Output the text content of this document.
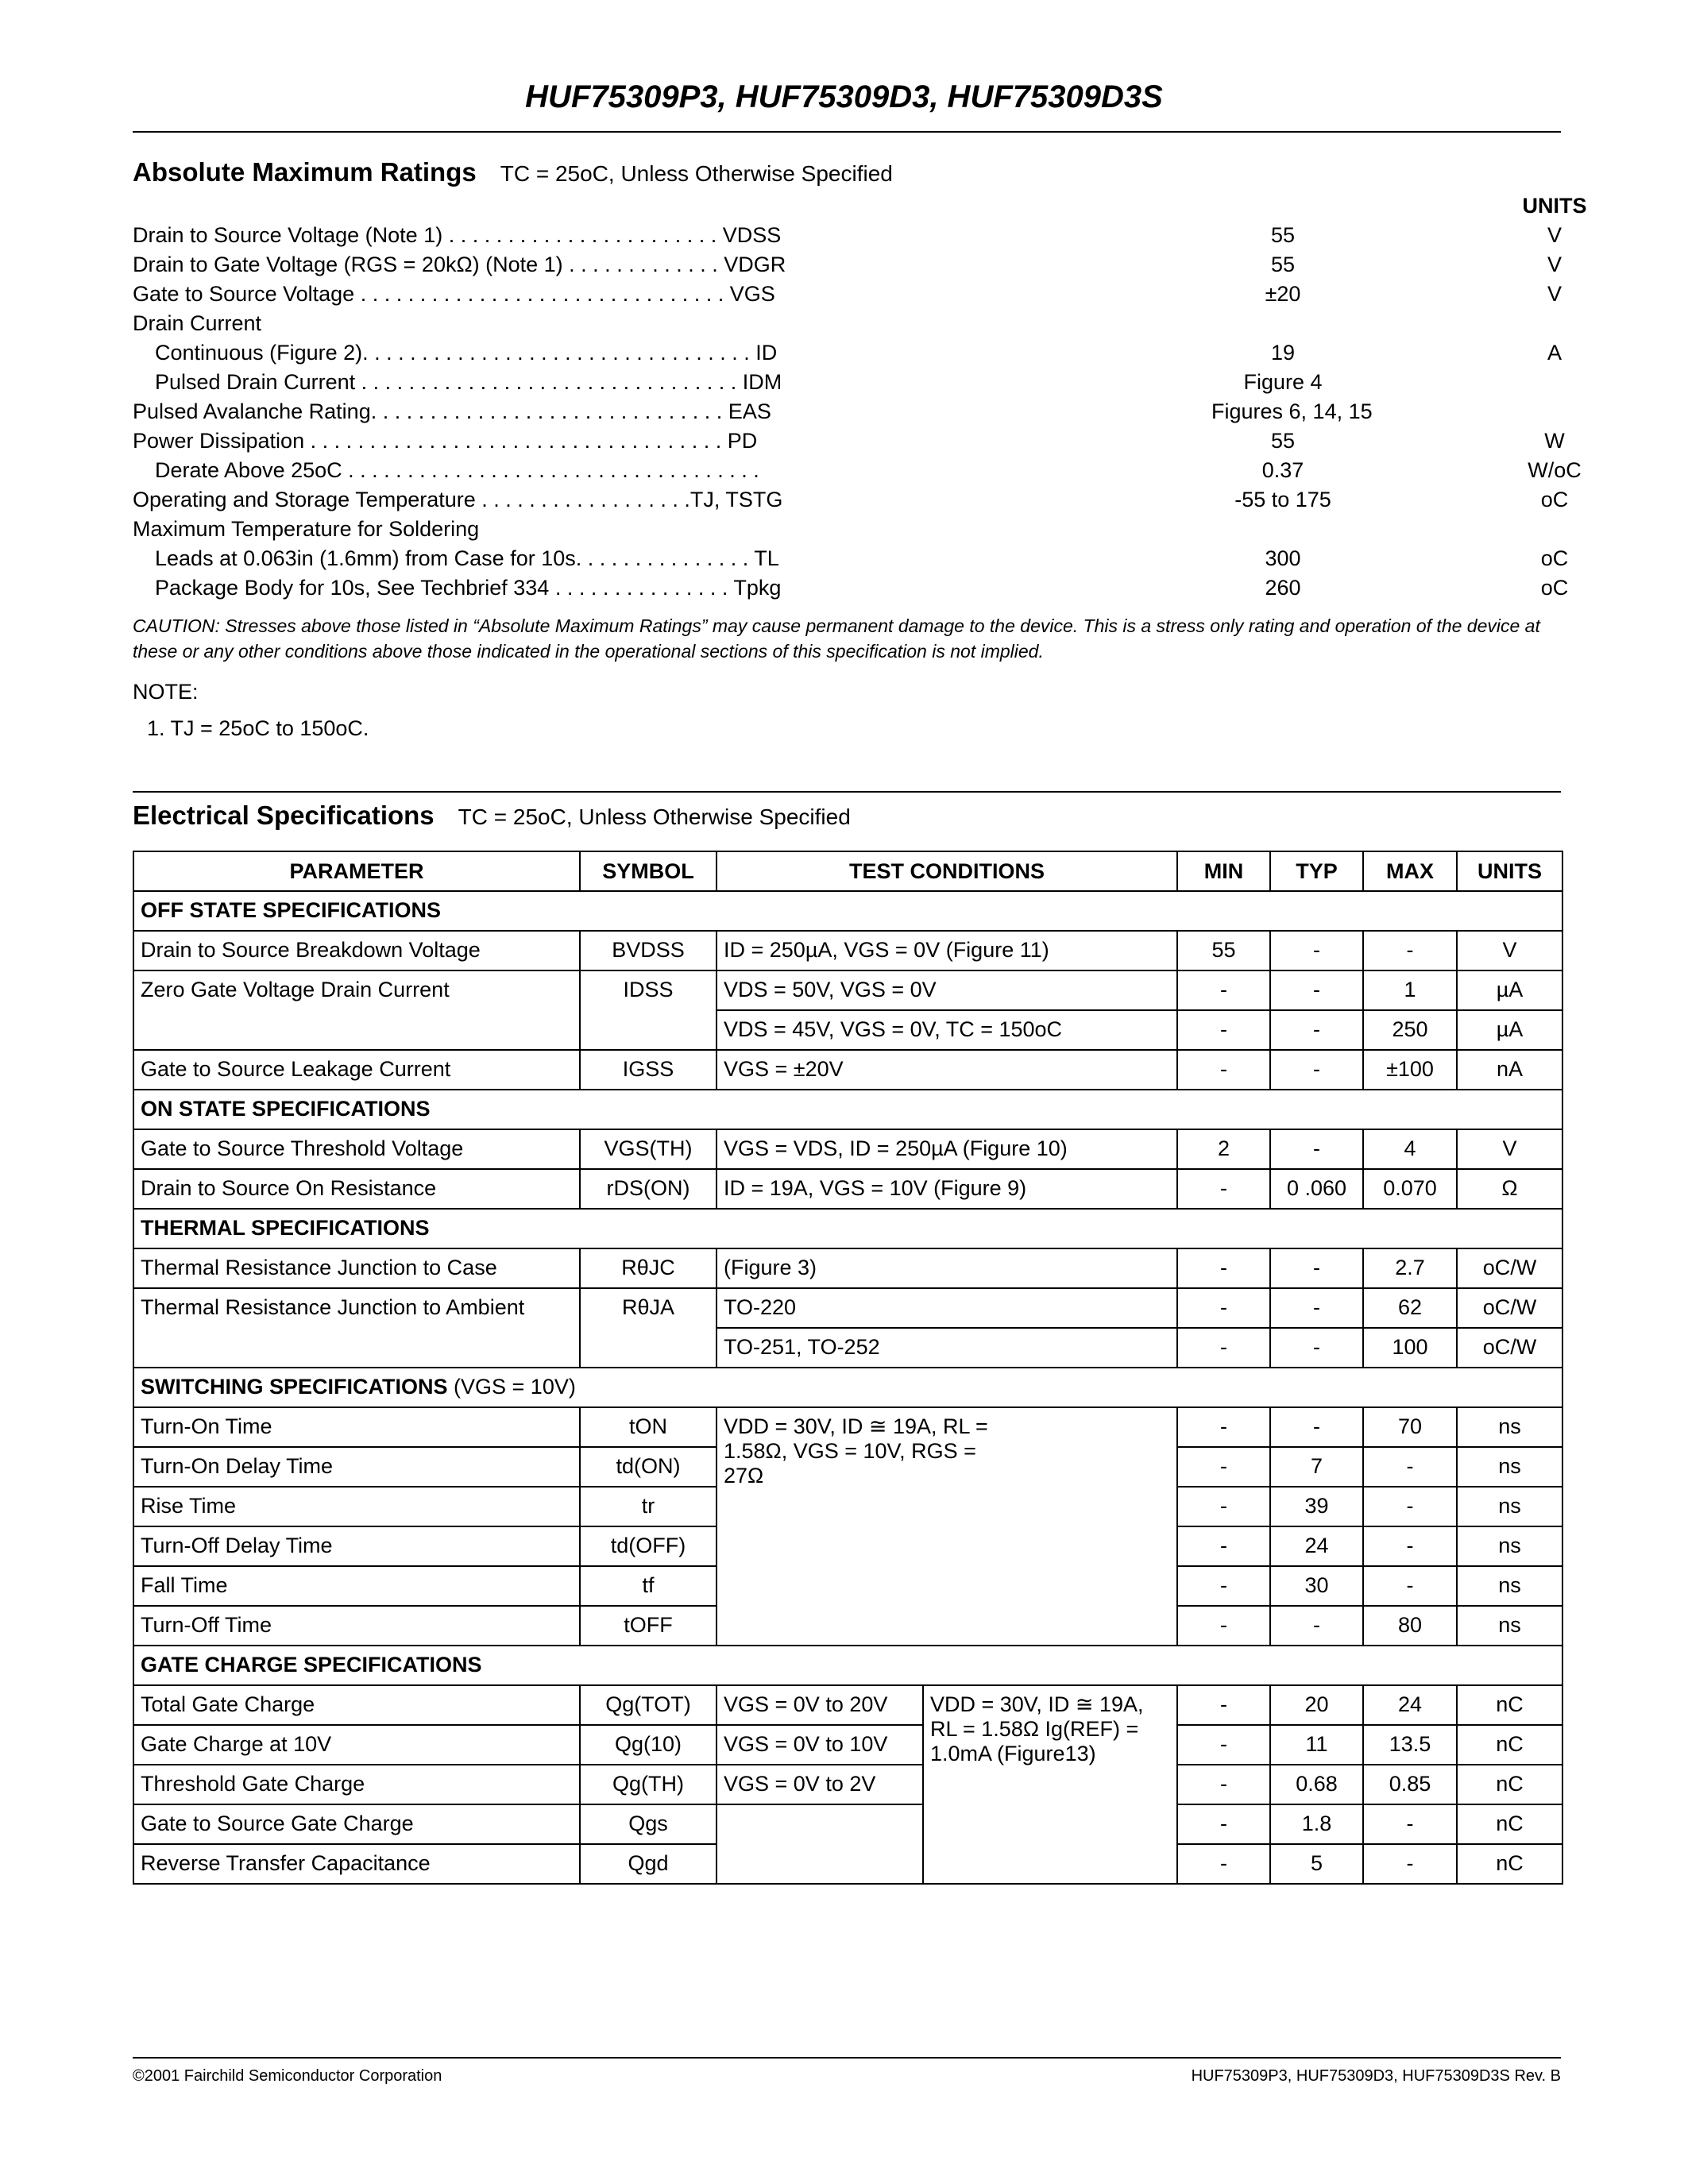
HUF75309P3, HUF75309D3, HUF75309D3S
Absolute Maximum Ratings TC = 25oC, Unless Otherwise Specified
UNITS
Drain to Source Voltage (Note 1) . . . . . . . . . . . . . . . . . . . . . . . VDSS	55	V
Drain to Gate Voltage (RGS = 20kΩ) (Note 1) . . . . . . . . . . . . . VDGR	55	V
Gate to Source Voltage . . . . . . . . . . . . . . . . . . . . . . . . . . . . . . . VGS	±20	V
Drain Current
Continuous (Figure 2). . . . . . . . . . . . . . . . . . . . . . . . . . . . . . . . . ID	19	A
Pulsed Drain Current . . . . . . . . . . . . . . . . . . . . . . . . . . . . . . . . IDM	Figure 4
Pulsed Avalanche Rating. . . . . . . . . . . . . . . . . . . . . . . . . . . . . . EAS	Figures 6, 14, 15
Power Dissipation . . . . . . . . . . . . . . . . . . . . . . . . . . . . . . . . . . . PD	55	W
Derate Above 25oC . . . . . . . . . . . . . . . . . . . . . . . . . . . . . . . . . . .	0.37	W/oC
Operating and Storage Temperature . . . . . . . . . . . . . . . . . .TJ, TSTG	-55 to 175	oC
Maximum Temperature for Soldering
Leads at 0.063in (1.6mm) from Case for 10s. . . . . . . . . . . . . . . TL	300	oC
Package Body for 10s, See Techbrief 334 . . . . . . . . . . . . . . . Tpkg	260	oC
CAUTION: Stresses above those listed in “Absolute Maximum Ratings” may cause permanent damage to the device. This is a stress only rating and operation of the device at these or any other conditions above those indicated in the operational sections of this specification is not implied.
NOTE:
1. TJ = 25oC to 150oC.
Electrical Specifications TC = 25oC, Unless Otherwise Specified
PARAMETER	SYMBOL	TEST CONDITIONS		MIN	TYP	MAX	UNITS
OFF STATE SPECIFICATIONS							
Drain to Source Breakdown Voltage	BVDSS	ID = 250µA, VGS = 0V (Figure 11)		55	-	-	V
Zero Gate Voltage Drain Current	IDSS	VDS = 50V, VGS = 0V		-	-	1	µA
		VDS = 45V, VGS = 0V, TC = 150oC		-	-	250	µA
Gate to Source Leakage Current	IGSS	VGS = ±20V		-	-	±100	nA
ON STATE SPECIFICATIONS							
Gate to Source Threshold Voltage	VGS(TH)	VGS = VDS, ID = 250µA (Figure 10)		2	-	4	V
Drain to Source On Resistance	rDS(ON)	ID = 19A, VGS = 10V (Figure 9)		-	0 .060	0.070	Ω
THERMAL SPECIFICATIONS							
Thermal Resistance Junction to Case	RθJC	(Figure 3)		-	-	2.7	oC/W
Thermal Resistance Junction to Ambient	RθJA	TO-220		-	-	62	oC/W
		TO-251, TO-252		-	-	100	oC/W
SWITCHING SPECIFICATIONS (VGS = 10V)							
Turn-On Time	tON	VDD = 30V, ID ≅ 19A, RL = 1.58Ω, VGS = 10V, RGS = 27Ω		-	-	70	ns
Turn-On Delay Time	td(ON)			-	7	-	ns
Rise Time	tr			-	39	-	ns
Turn-Off Delay Time	td(OFF)			-	24	-	ns
Fall Time	tf			-	30	-	ns
Turn-Off Time	tOFF			-	-	80	ns
GATE CHARGE SPECIFICATIONS							
Total Gate Charge	Qg(TOT)	VGS = 0V to 20V	VDD = 30V, ID ≅ 19A, RL = 1.58Ω Ig(REF) = 1.0mA (Figure13)	-	20	24	nC
Gate Charge at 10V	Qg(10)	VGS = 0V to 10V		-	11	13.5	nC
Threshold Gate Charge	Qg(TH)	VGS = 0V to 2V		-	0.68	0.85	nC
Gate to Source Gate Charge	Qgs			-	1.8	-	nC
Reverse Transfer Capacitance	Qgd			-	5	-	nC
©2001 Fairchild Semiconductor Corporation	HUF75309P3, HUF75309D3, HUF75309D3S Rev. B
